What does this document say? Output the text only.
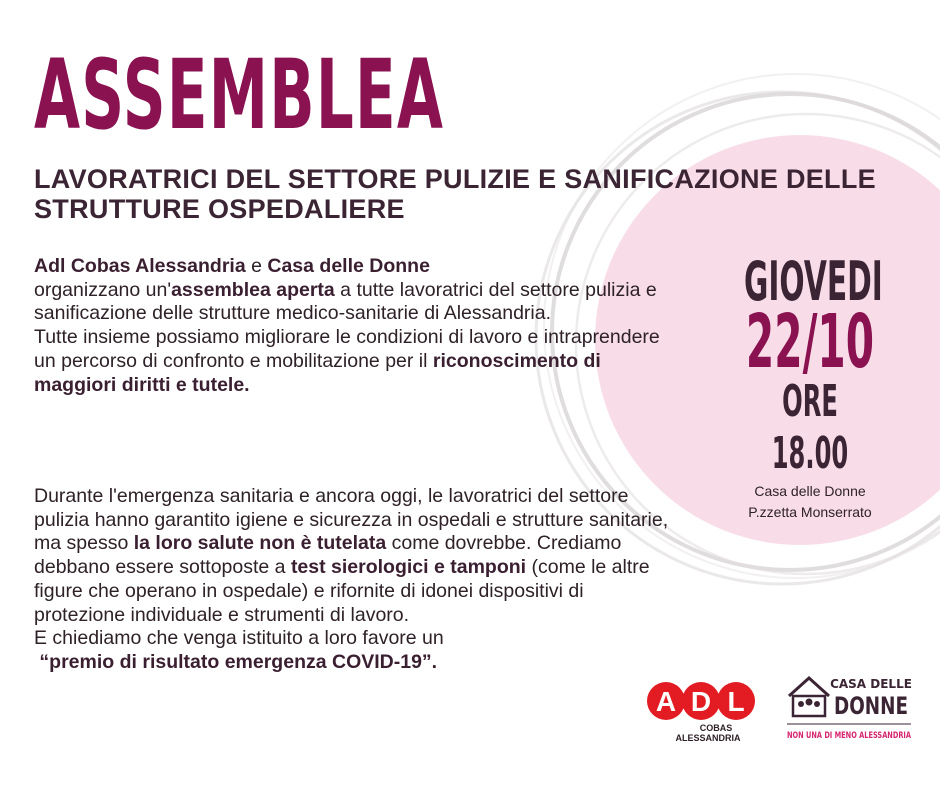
ASSEMBLEA
LAVORATRICI DEL SETTORE PULIZIE E SANIFICAZIONE DELLE STRUTTURE OSPEDALIERE

Adl Cobas Alessandria e Casa delle Donne
organizzano un'assemblea aperta a tutte lavoratrici del settore pulizia e sanificazione delle strutture medico-sanitarie di Alessandria.
Tutte insieme possiamo migliorare le condizioni di lavoro e intraprendere un percorso di confronto e mobilitazione per il riconoscimento di maggiori diritti e tutele.

Durante l'emergenza sanitaria e ancora oggi, le lavoratrici del settore pulizia hanno garantito igiene e sicurezza in ospedali e strutture sanitarie, ma spesso la loro salute non è tutelata come dovrebbe. Crediamo debbano essere sottoposte a test sierologici e tamponi (come le altre figure che operano in ospedale) e rifornite di idonei dispositivi di protezione individuale e strumenti di lavoro.
E chiediamo che venga istituito a loro favore un
“premio di risultato emergenza COVID-19”.

GIOVEDI
22/10
ORE 18.00
Casa delle Donne
P.zzetta Monserrato
A D L
COBAS
ALESSANDRIA
CASA DELLE
DONNE
NON UNA DI MENO ALESSANDRIA
